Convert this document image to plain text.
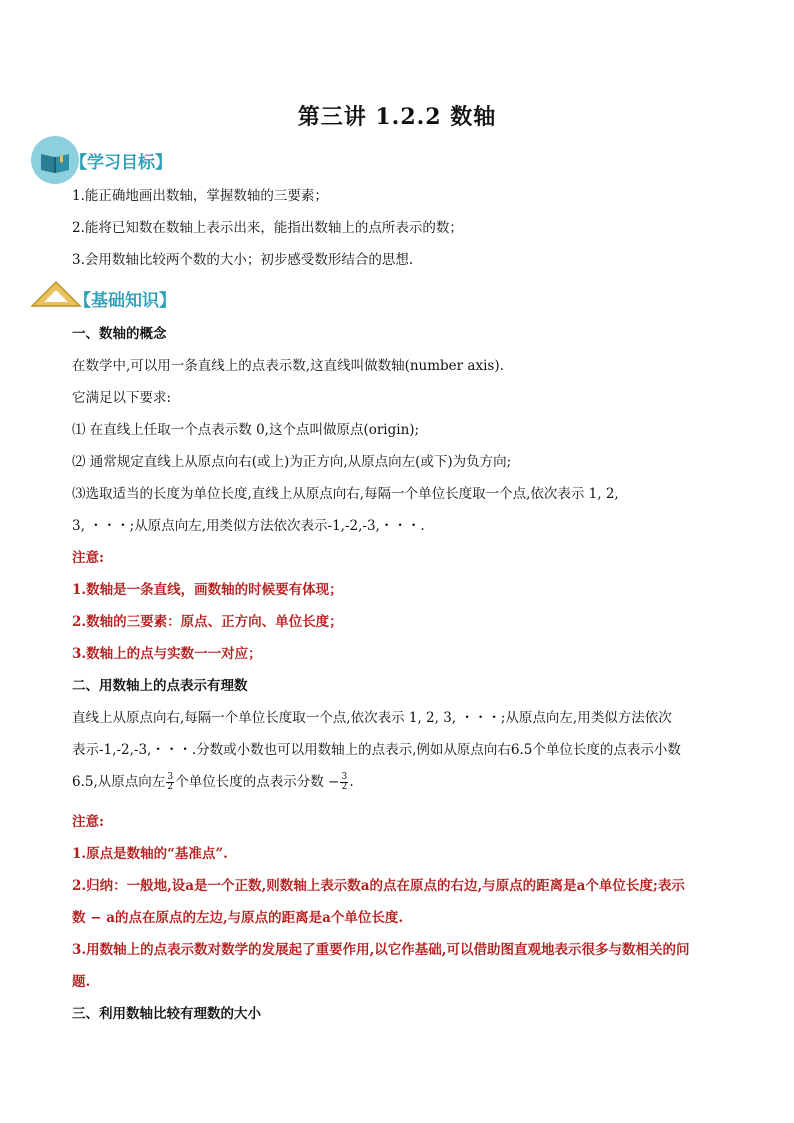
第三讲 1.2.2 数轴
【学习目标】
1.能正确地画出数轴，掌握数轴的三要素；
2.能将已知数在数轴上表示出来，能指出数轴上的点所表示的数；
3.会用数轴比较两个数的大小；初步感受数形结合的思想.
【基础知识】
一、数轴的概念
在数学中,可以用一条直线上的点表示数,这直线叫做数轴(number axis).
它满足以下要求:
⑴ 在直线上任取一个点表示数 0,这个点叫做原点(origin);
⑵ 通常规定直线上从原点向右(或上)为正方向,从原点向左(或下)为负方向;
⑶选取适当的长度为单位长度,直线上从原点向右,每隔一个单位长度取一个点,依次表示 1, 2,
3, ・・・;从原点向左,用类似方法依次表示-1,-2,-3,・・・.
注意:
1.数轴是一条直线，画数轴的时候要有体现；
2.数轴的三要素：原点、正方向、单位长度；
3.数轴上的点与实数一一对应；
二、用数轴上的点表示有理数
直线上从原点向右,每隔一个单位长度取一个点,依次表示 1, 2, 3, ・・・;从原点向左,用类似方法依次
表示-1,-2,-3,・・・.分数或小数也可以用数轴上的点表示,例如从原点向右6.5个单位长度的点表示小数
6.5,从原点向左 $\frac{3}{2}$ 个单位长度的点表示分数 − $\frac{3}{2}$ .
注意:
1.原点是数轴的“基准点”.
2.归纳：一般地,设a是一个正数,则数轴上表示数a的点在原点的右边,与原点的距离是a个单位长度;表示
数 − a的点在原点的左边,与原点的距离是a个单位长度.
3.用数轴上的点表示数对数学的发展起了重要作用,以它作基础,可以借助图直观地表示很多与数相关的问
题.
三、利用数轴比较有理数的大小
